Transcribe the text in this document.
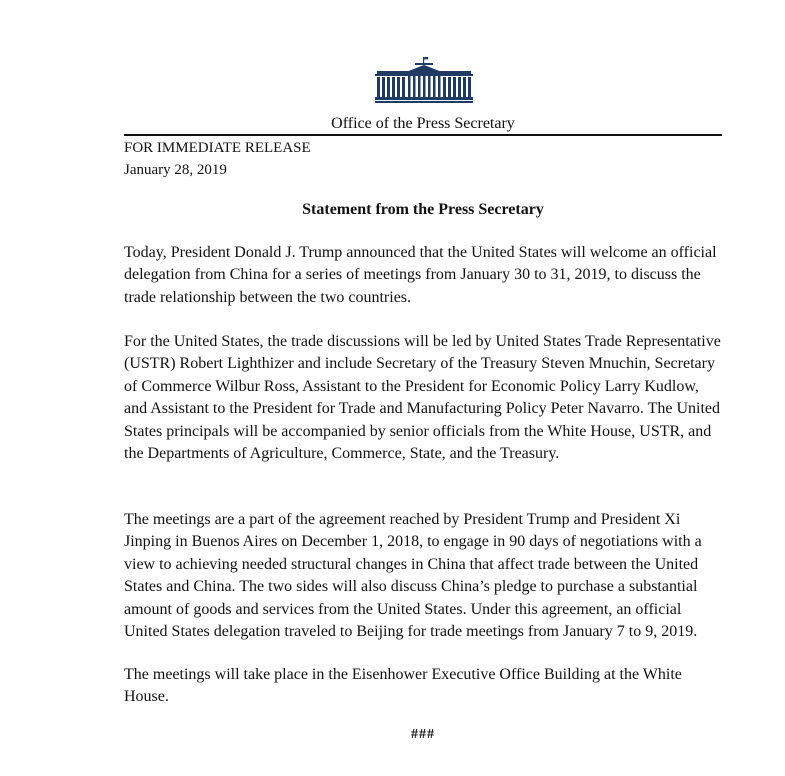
Office of the Press Secretary
FOR IMMEDIATE RELEASE
January 28, 2019
Statement from the Press Secretary

Today, President Donald J. Trump announced that the United States will welcome an official delegation from China for a series of meetings from January 30 to 31, 2019, to discuss the trade relationship between the two countries.

For the United States, the trade discussions will be led by United States Trade Representative (USTR) Robert Lighthizer and include Secretary of the Treasury Steven Mnuchin, Secretary of Commerce Wilbur Ross, Assistant to the President for Economic Policy Larry Kudlow, and Assistant to the President for Trade and Manufacturing Policy Peter Navarro. The United States principals will be accompanied by senior officials from the White House, USTR, and the Departments of Agriculture, Commerce, State, and the Treasury.

The meetings are a part of the agreement reached by President Trump and President Xi Jinping in Buenos Aires on December 1, 2018, to engage in 90 days of negotiations with a view to achieving needed structural changes in China that affect trade between the United States and China. The two sides will also discuss China’s pledge to purchase a substantial amount of goods and services from the United States. Under this agreement, an official United States delegation traveled to Beijing for trade meetings from January 7 to 9, 2019.

The meetings will take place in the Eisenhower Executive Office Building at the White House.

###
